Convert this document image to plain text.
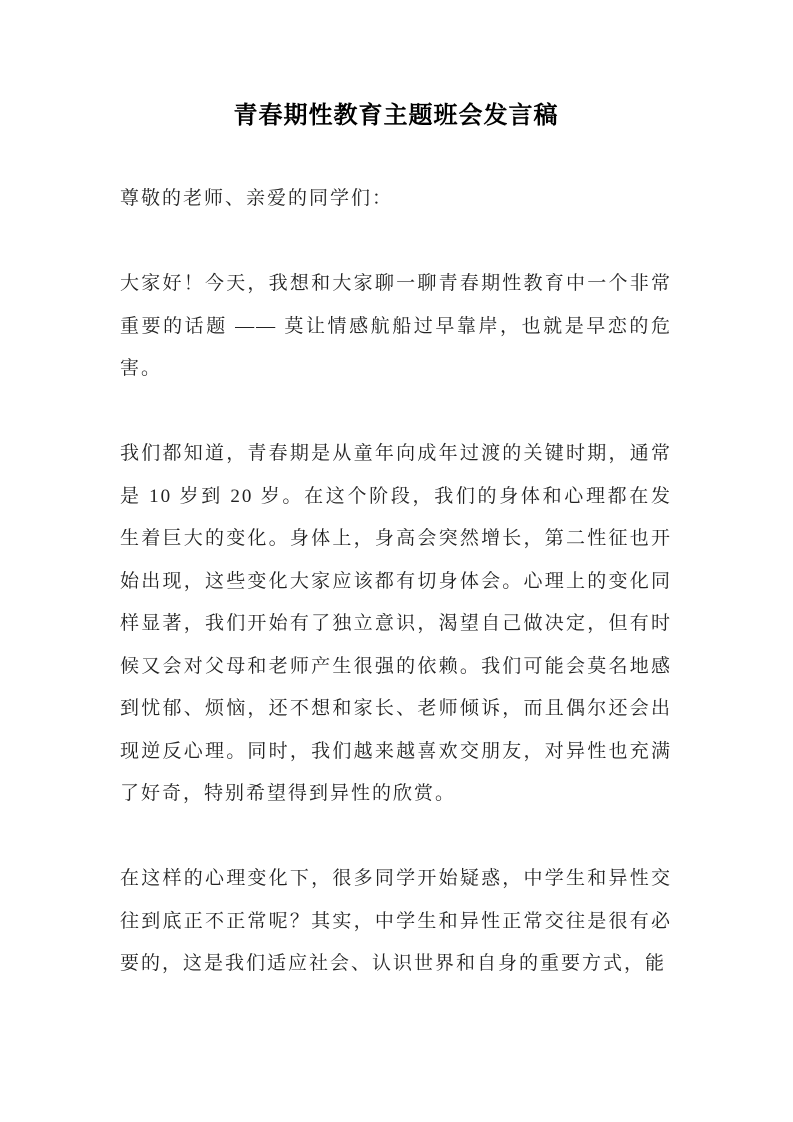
青春期性教育主题班会发言稿

尊敬的老师、亲爱的同学们：

大家好！今天，我想和大家聊一聊青春期性教育中一个非常重要的话题 —— 莫让情感航船过早靠岸，也就是早恋的危害。

我们都知道，青春期是从童年向成年过渡的关键时期，通常是 10 岁到 20 岁。在这个阶段，我们的身体和心理都在发生着巨大的变化。身体上，身高会突然增长，第二性征也开始出现，这些变化大家应该都有切身体会。心理上的变化同样显著，我们开始有了独立意识，渴望自己做决定，但有时候又会对父母和老师产生很强的依赖。我们可能会莫名地感到忧郁、烦恼，还不想和家长、老师倾诉，而且偶尔还会出现逆反心理。同时，我们越来越喜欢交朋友，对异性也充满了好奇，特别希望得到异性的欣赏。

在这样的心理变化下，很多同学开始疑惑，中学生和异性交往到底正不正常呢？其实，中学生和异性正常交往是很有必要的，这是我们适应社会、认识世界和自身的重要方式，能
